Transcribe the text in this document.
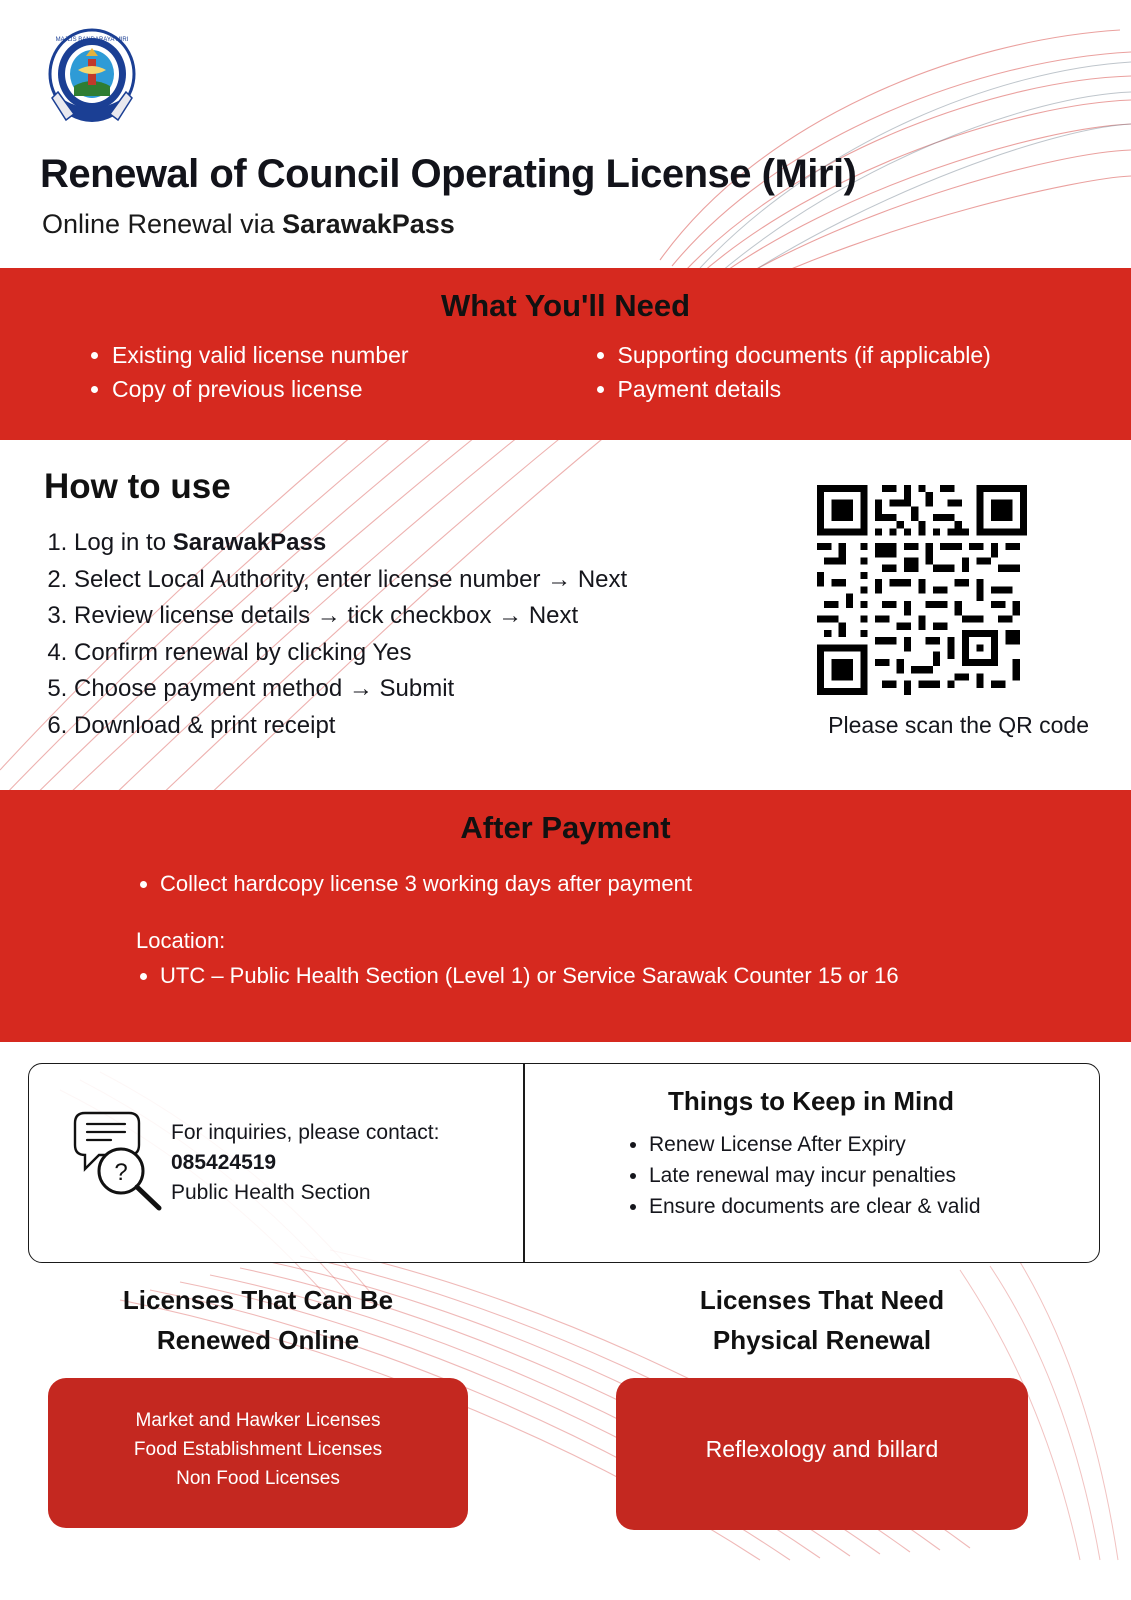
MAJLIS BANDARAYA MIRI
Renewal of Council Operating License (Miri)
Online Renewal via SarawakPass
What You'll Need
• Existing valid license number
• Copy of previous license
• Supporting documents (if applicable)
• Payment details
How to use
1. Log in to SarawakPass
2. Select Local Authority, enter license number → Next
3. Review license details → tick checkbox → Next
4. Confirm renewal by clicking Yes
5. Choose payment method → Submit
6. Download & print receipt	Please scan the QR code
After Payment
• Collect hardcopy license 3 working days after payment
Location:
• UTC – Public Health Section (Level 1) or Service Sarawak Counter 15 or 16
?
For inquiries, please contact:
085424519
Public Health Section
Things to Keep in Mind
• Renew License After Expiry
• Late renewal may incur penalties
• Ensure documents are clear & valid
Licenses That Can Be
Renewed Online
Market and Hawker Licenses
Food Establishment Licenses
Non Food Licenses
Licenses That Need
Physical Renewal
Reflexology and billard
